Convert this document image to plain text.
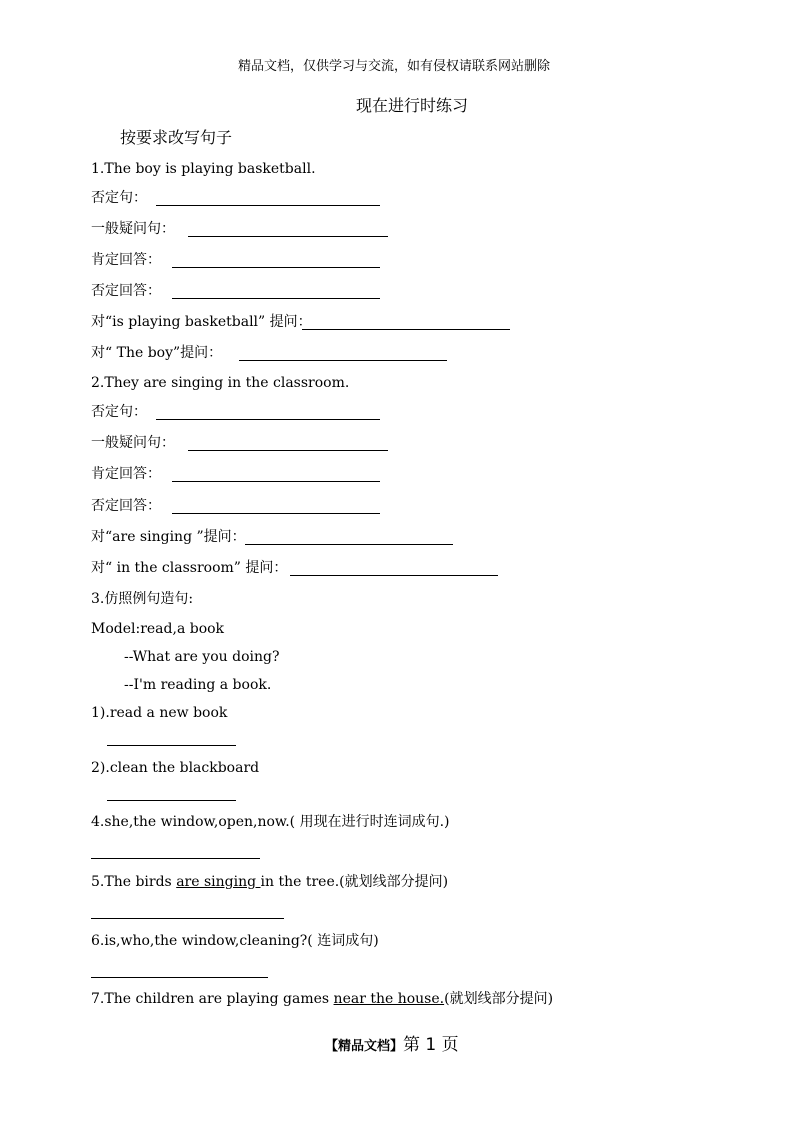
精品文档，仅供学习与交流，如有侵权请联系网站删除
现在进行时练习
按要求改写句子
1.The boy is playing basketball.
否定句：
一般疑问句：
肯定回答：
否定回答：
对“is playing basketball” 提问：
对“ The boy”提问：
2.They are singing in the classroom.
否定句：
一般疑问句：
肯定回答：
否定回答：
对“are singing ”提问：
对“ in the classroom” 提问：
3.仿照例句造句:
Model:read,a book
--What are you doing?
--I'm reading a book.
1).read a new book
2).clean the blackboard
4.she,the window,open,now.( 用现在进行时连词成句.)
5.The birds are singing in the tree.(就划线部分提问)
6.is,who,the window,cleaning?( 连词成句)
7.The children are playing games near the house.(就划线部分提问)
【精品文档】第 1 页
